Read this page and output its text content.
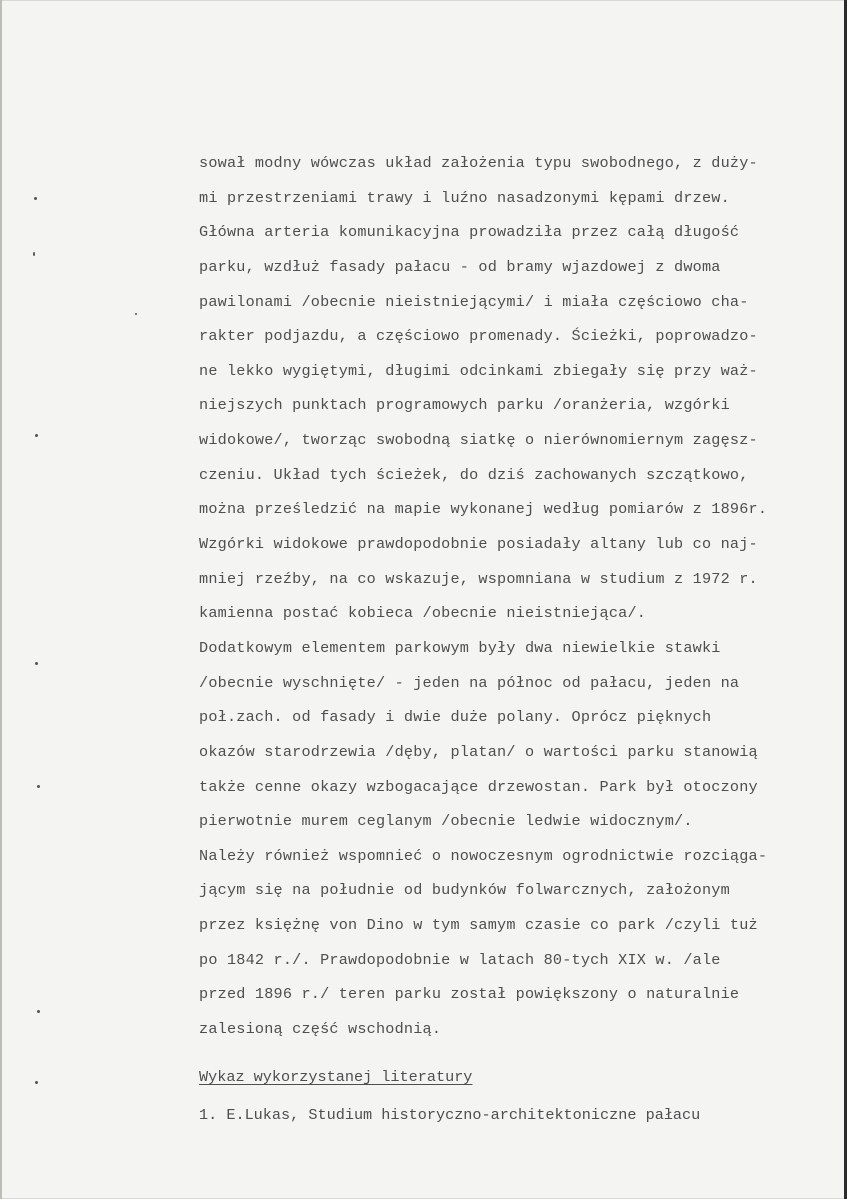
sował modny wówczas układ założenia typu swobodnego, z duży-
mi przestrzeniami trawy i luźno nasadzonymi kępami drzew.
Główna arteria komunikacyjna prowadziła przez całą długość
parku, wzdłuż fasady pałacu - od bramy wjazdowej z dwoma
pawilonami /obecnie nieistniejącymi/ i miała częściowo cha-
rakter podjazdu, a częściowo promenady. Ścieżki, poprowadzo-
ne lekko wygiętymi, długimi odcinkami zbiegały się przy waż-
niejszych punktach programowych parku /oranżeria, wzgórki
widokowe/, tworząc swobodną siatkę o nierównomiernym zagęsz-
czeniu. Układ tych ścieżek, do dziś zachowanych szczątkowo,
można prześledzić na mapie wykonanej według pomiarów z 1896r.
Wzgórki widokowe prawdopodobnie posiadały altany lub co naj-
mniej rzeźby, na co wskazuje, wspomniana w studium z 1972 r.
kamienna postać kobieca /obecnie nieistniejąca/.
Dodatkowym elementem parkowym były dwa niewielkie stawki
/obecnie wyschnięte/ - jeden na północ od pałacu, jeden na
poł.zach. od fasady i dwie duże polany. Oprócz pięknych
okazów starodrzewia /dęby, platan/ o wartości parku stanowią
także cenne okazy wzbogacające drzewostan. Park był otoczony
pierwotnie murem ceglanym /obecnie ledwie widocznym/.
Należy również wspomnieć o nowoczesnym ogrodnictwie rozciąga-
jącym się na południe od budynków folwarcznych, założonym
przez księżnę von Dino w tym samym czasie co park /czyli tuż
po 1842 r./. Prawdopodobnie w latach 80-tych XIX w. /ale
przed 1896 r./ teren parku został powiększony o naturalnie
zalesioną część wschodnią.
Wykaz wykorzystanej literatury
1. E.Lukas, Studium historyczno-architektoniczne pałacu
